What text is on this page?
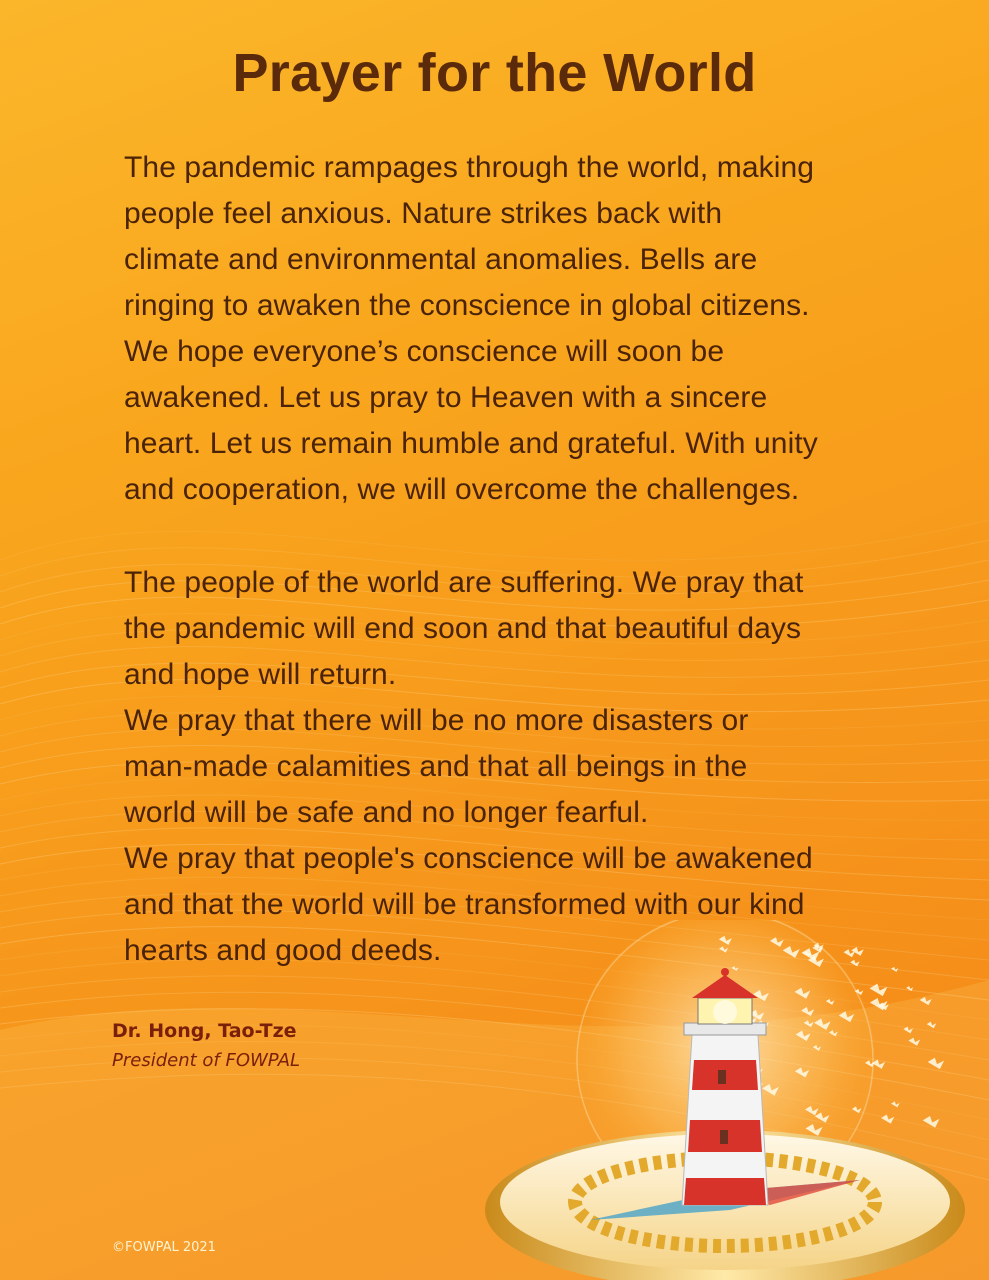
Prayer for the World
The pandemic rampages through the world, making
people feel anxious. Nature strikes back with
climate and environmental anomalies. Bells are
ringing to awaken the conscience in global citizens.
We hope everyone’s conscience will soon be
awakened. Let us pray to Heaven with a sincere
heart. Let us remain humble and grateful. With unity
and cooperation, we will overcome the challenges.
The people of the world are suffering. We pray that
the pandemic will end soon and that beautiful days
and hope will return.
We pray that there will be no more disasters or
man-made calamities and that all beings in the
world will be safe and no longer fearful.
We pray that people's conscience will be awakened
and that the world will be transformed with our kind
hearts and good deeds.
Dr. Hong, Tao-Tze
President of FOWPAL
©FOWPAL 2021
